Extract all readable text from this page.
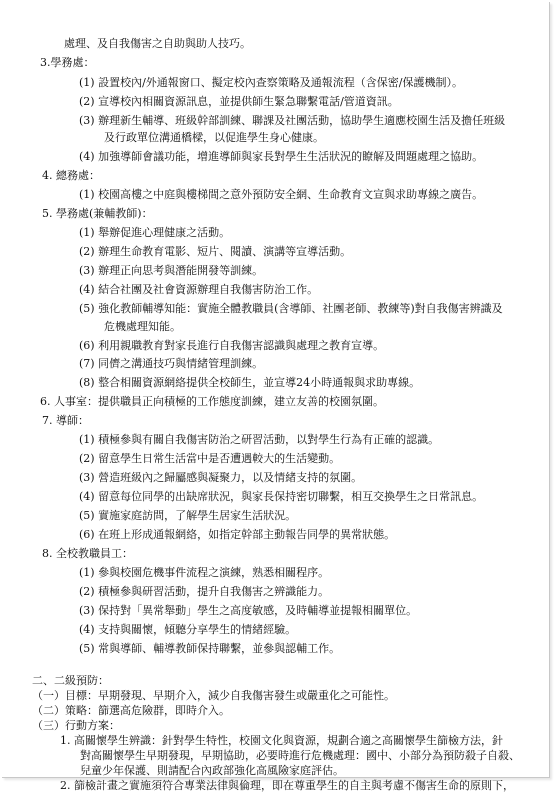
處理、及自我傷害之自助與助人技巧。
3.學務處：
(1) 設置校內/外通報窗口、擬定校內查察策略及通報流程（含保密/保護機制）。
(2) 宣導校內相關資源訊息，並提供師生緊急聯繫電話/管道資訊。
(3) 辦理新生輔導、班級幹部訓練、聯課及社團活動，協助學生適應校園生活及擔任班級
及行政單位溝通橋樑，以促進學生身心健康。
(4) 加強導師會議功能，增進導師與家長對學生生活狀況的瞭解及問題處理之協助。
4. 總務處：
(1) 校園高樓之中庭與樓梯間之意外預防安全網、生命教育文宣與求助專線之廣告。
5. 學務處(兼輔教師)：
(1) 舉辦促進心理健康之活動。
(2) 辦理生命教育電影、短片、閱讀、演講等宣導活動。
(3) 辦理正向思考與潛能開發等訓練。
(4) 結合社團及社會資源辦理自我傷害防治工作。
(5) 強化教師輔導知能：實施全體教職員(含導師、社團老師、教練等)對自我傷害辨識及
危機處理知能。
(6) 利用親職教育對家長進行自我傷害認識與處理之教育宣導。
(7) 同儕之溝通技巧與情緒管理訓練。
(8) 整合相關資源網絡提供全校師生，並宣導24小時通報與求助專線。
6. 人事室：提供職員正向積極的工作態度訓練，建立友善的校園氛圍。
7. 導師：
(1) 積極參與有關自我傷害防治之研習活動，以對學生行為有正確的認識。
(2) 留意學生日常生活當中是否遭遇較大的生活變動。
(3) 營造班級內之歸屬感與凝聚力，以及情緒支持的氛圍。
(4) 留意每位同學的出缺席狀況，與家長保持密切聯繫，相互交換學生之日常訊息。
(5) 實施家庭訪問，了解學生居家生活狀況。
(6) 在班上形成通報網絡，如指定幹部主動報告同學的異常狀態。
8. 全校教職員工：
(1) 參與校園危機事件流程之演練，熟悉相關程序。
(2) 積極參與研習活動，提升自我傷害之辨識能力。
(3) 保持對「異常舉動」學生之高度敏感，及時輔導並提報相關單位。
(4) 支持與關懷，傾聽分享學生的情緒經驗。
(5) 常與導師、輔導教師保持聯繫，並參與認輔工作。
二、二級預防：
（一）目標：早期發現、早期介入，減少自我傷害發生或嚴重化之可能性。
（二）策略：篩選高危險群，即時介入。
（三）行動方案：
1. 高關懷學生辨識：針對學生特性，校園文化與資源，規劃合適之高關懷學生篩檢方法，針
對高關懷學生早期發現，早期協助，必要時進行危機處理：國中、小部分為預防殺子自殺、
兒童少年保護、則請配合內政部強化高風險家庭評估。
2. 篩檢計畫之實施須符合專業法律與倫理，即在尊重學生的自主與考慮不傷害生命的原則下，
